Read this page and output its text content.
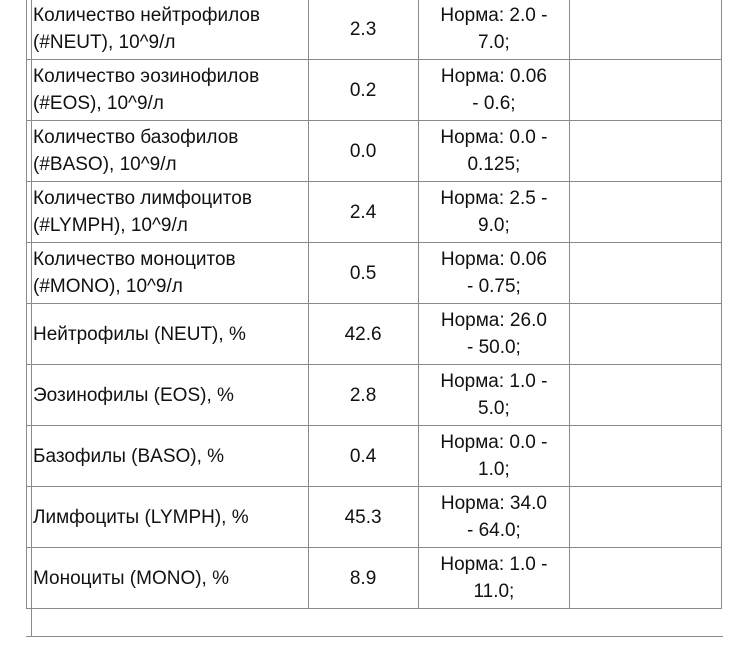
Количество нейтрофилов
(#NEUT), 10^9/л	2.3	Норма: 2.0 -
7.0;	
Количество эозинофилов
(#EOS), 10^9/л	0.2	Норма: 0.06
- 0.6;	
Количество базофилов
(#BASO), 10^9/л	0.0	Норма: 0.0 -
0.125;	
Количество лимфоцитов
(#LYMPH), 10^9/л	2.4	Норма: 2.5 -
9.0;	
Количество моноцитов
(#MONO), 10^9/л	0.5	Норма: 0.06
- 0.75;	
Нейтрофилы (NEUT), %	42.6	Норма: 26.0
- 50.0;	
Эозинофилы (EOS), %	2.8	Норма: 1.0 -
5.0;	
Базофилы (BASO), %	0.4	Норма: 0.0 -
1.0;	
Лимфоциты (LYMPH), %	45.3	Норма: 34.0
- 64.0;	
Моноциты (MONO), %	8.9	Норма: 1.0 -
11.0;	
